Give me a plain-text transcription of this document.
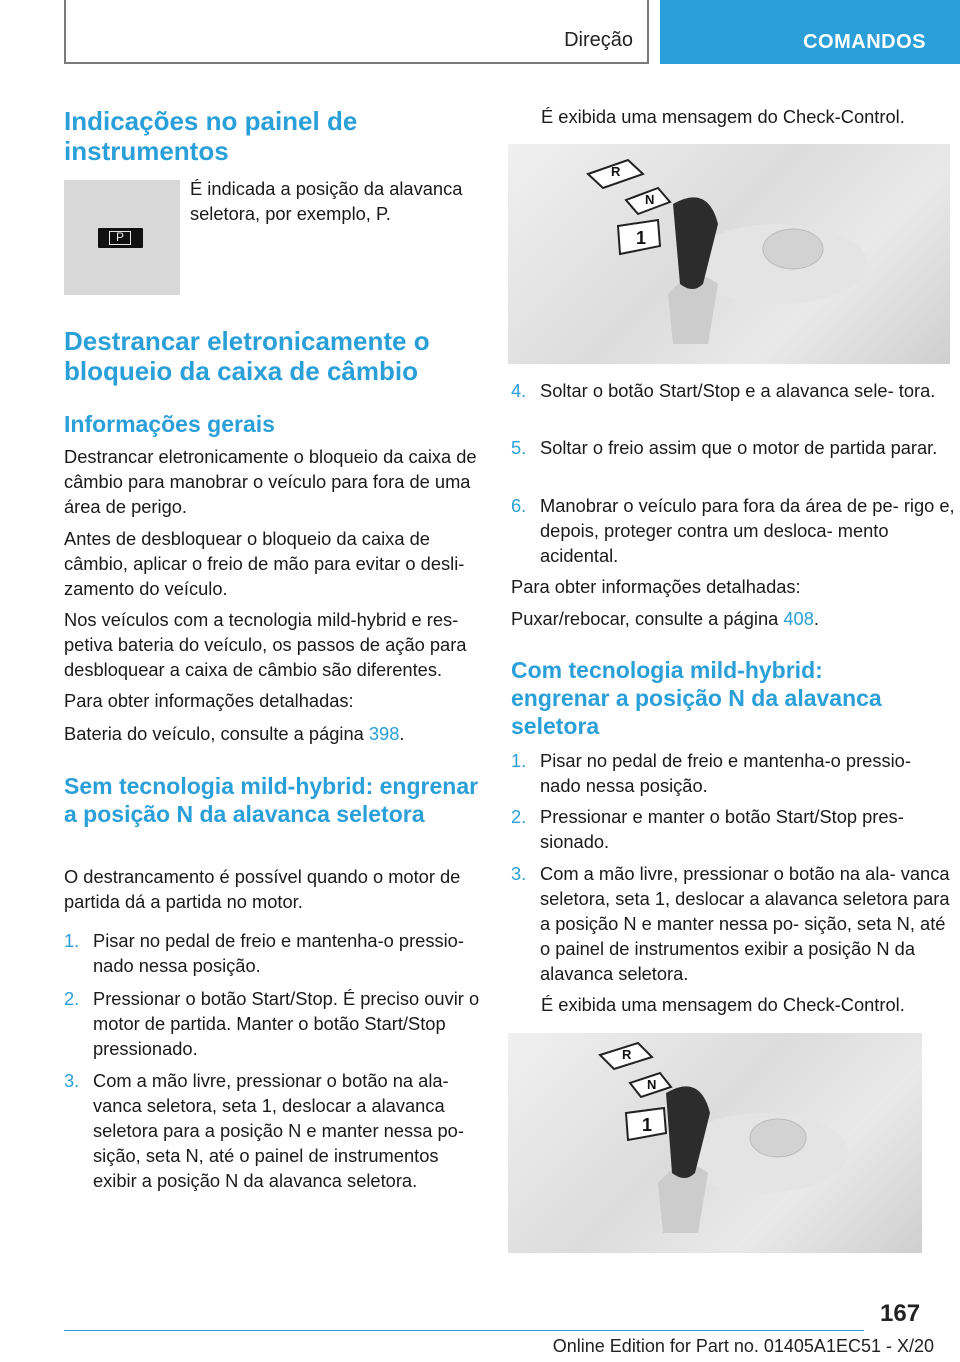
Direção	COMANDOS
Indicações no painel de instrumentos
P

É indicada a posição da alavanca seletora, por exemplo, P.

Destrancar eletronicamente o bloqueio da caixa de câmbio
Informações gerais

Destrancar eletronicamente o bloqueio da caixa de câmbio para manobrar o veículo para fora de uma área de perigo.

Antes de desbloquear o bloqueio da caixa de câmbio, aplicar o freio de mão para evitar o desli‐ zamento do veículo.

Nos veículos com a tecnologia mild‑hybrid e res‐ petiva bateria do veículo, os passos de ação para desbloquear a caixa de câmbio são diferentes.

Para obter informações detalhadas:

Bateria do veículo, consulte a página 398.

Sem tecnologia mild‑hybrid: engrenar a posição N da alavanca seletora

O destrancamento é possível quando o motor de partida dá a partida no motor.

1. Pisar no pedal de freio e mantenha-o pressio‐ nado nessa posição.
2. Pressionar o botão Start/Stop. É preciso ouvir o motor de partida. Manter o botão Start/Stop pressionado.
3. Com a mão livre, pressionar o botão na ala‐ vanca seletora, seta 1, deslocar a alavanca seletora para a posição N e manter nessa po‐ sição, seta N, até o painel de instrumentos exibir a posição N da alavanca seletora.

É exibida uma mensagem do Check-Control.

R
N
1
4. Soltar o botão Start/Stop e a alavanca sele‐ tora.
5. Soltar o freio assim que o motor de partida parar.
6. Manobrar o veículo para fora da área de pe‐ rigo e, depois, proteger contra um desloca‐ mento acidental.

Para obter informações detalhadas:

Puxar/rebocar, consulte a página 408.

Com tecnologia mild‑hybrid: engrenar a posição N da alavanca seletora
1. Pisar no pedal de freio e mantenha-o pressio‐ nado nessa posição.
2. Pressionar e manter o botão Start/Stop pres‐ sionado.
3. Com a mão livre, pressionar o botão na ala‐ vanca seletora, seta 1, deslocar a alavanca seletora para a posição N e manter nessa po‐ sição, seta N, até o painel de instrumentos exibir a posição N da alavanca seletora.

É exibida uma mensagem do Check-Control.

R
N
1
167
Online Edition for Part no. 01405A1EC51 - X/20
